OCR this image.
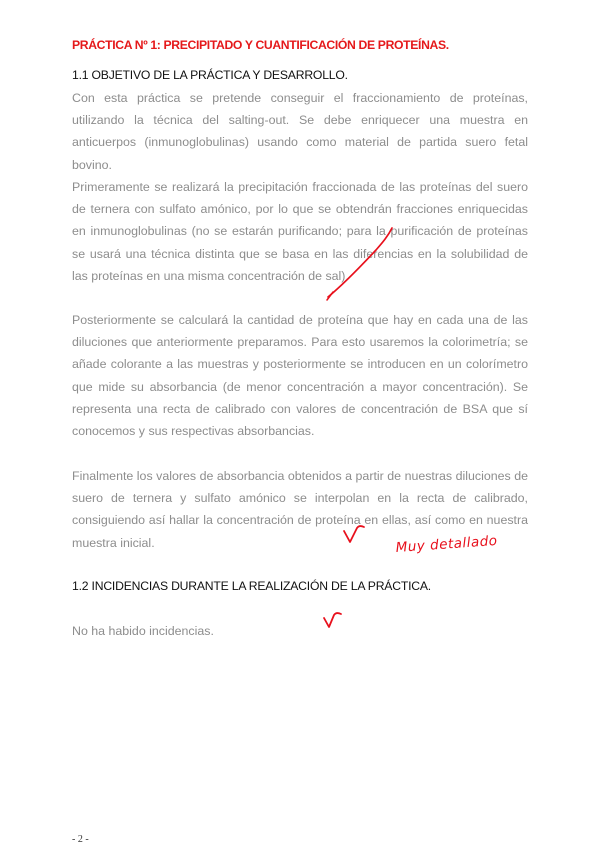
PRÁCTICA Nº 1: PRECIPITADO Y CUANTIFICACIÓN DE PROTEÍNAS.
1.1 OBJETIVO DE LA PRÁCTICA Y DESARROLLO.

Con esta práctica se pretende conseguir el fraccionamiento de proteínas, utilizando la técnica del salting-out. Se debe enriquecer una muestra en anticuerpos (inmunoglobulinas) usando como material de partida suero fetal bovino.

Primeramente se realizará la precipitación fraccionada de las proteínas del suero de ternera con sulfato amónico, por lo que se obtendrán fracciones enriquecidas en inmunoglobulinas (no se estarán purificando; para la purificación de proteínas se usará una técnica distinta que se basa en las diferencias en la solubilidad de las proteínas en una misma concentración de sal).

Posteriormente se calculará la cantidad de proteína que hay en cada una de las diluciones que anteriormente preparamos. Para esto usaremos la colorimetría; se añade colorante a las muestras y posteriormente se introducen en un colorímetro que mide su absorbancia (de menor concentración a mayor concentración). Se representa una recta de calibrado con valores de concentración de BSA que sí conocemos y sus respectivas absorbancias.

Finalmente los valores de absorbancia obtenidos a partir de nuestras diluciones de suero de ternera y sulfato amónico se interpolan en la recta de calibrado, consiguiendo así hallar la concentración de proteína en ellas, así como en nuestra muestra inicial.

1.2 INCIDENCIAS DURANTE LA REALIZACIÓN DE LA PRÁCTICA.
No ha habido incidencias.
- 2 -
Muy detallado
